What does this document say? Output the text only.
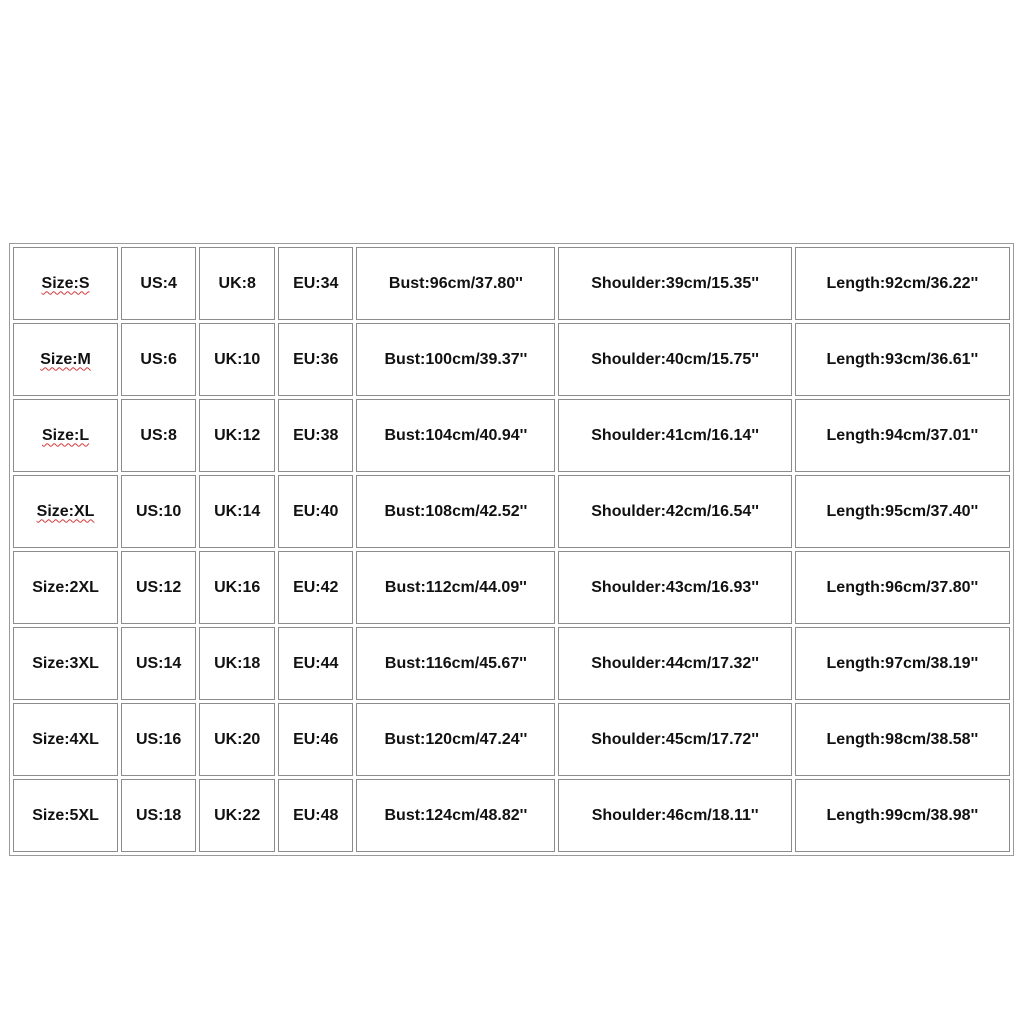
Size:S	US:4	UK:8	EU:34	Bust:96cm/37.80''	Shoulder:39cm/15.35''	Length:92cm/36.22''
Size:M	US:6	UK:10	EU:36	Bust:100cm/39.37''	Shoulder:40cm/15.75''	Length:93cm/36.61''
Size:L	US:8	UK:12	EU:38	Bust:104cm/40.94''	Shoulder:41cm/16.14''	Length:94cm/37.01''
Size:XL	US:10	UK:14	EU:40	Bust:108cm/42.52''	Shoulder:42cm/16.54''	Length:95cm/37.40''
Size:2XL	US:12	UK:16	EU:42	Bust:112cm/44.09''	Shoulder:43cm/16.93''	Length:96cm/37.80''
Size:3XL	US:14	UK:18	EU:44	Bust:116cm/45.67''	Shoulder:44cm/17.32''	Length:97cm/38.19''
Size:4XL	US:16	UK:20	EU:46	Bust:120cm/47.24''	Shoulder:45cm/17.72''	Length:98cm/38.58''
Size:5XL	US:18	UK:22	EU:48	Bust:124cm/48.82''	Shoulder:46cm/18.11''	Length:99cm/38.98''
